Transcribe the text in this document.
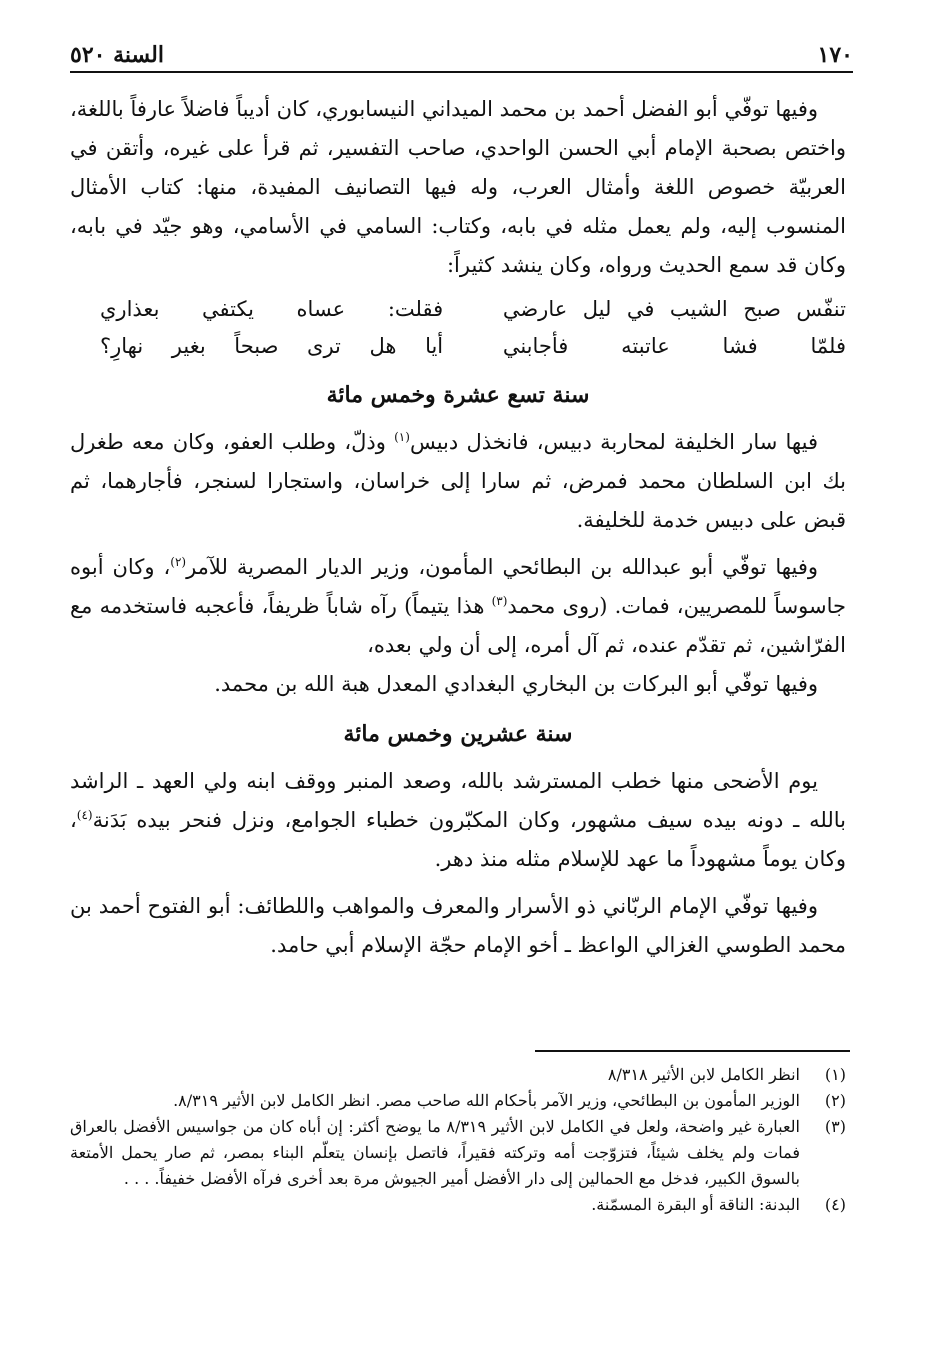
١٧٠
السنة ٥٢٠

وفيها توفّي أبو الفضل أحمد بن محمد الميداني النيسابوري، كان أديباً فاضلاً عارفاً باللغة، واختص بصحبة الإمام أبي الحسن الواحدي، صاحب التفسير، ثم قرأ على غيره، وأتقن في العربيّة خصوص اللغة وأمثال العرب، وله فيها التصانيف المفيدة، منها: كتاب الأمثال المنسوب إليه، ولم يعمل مثله في بابه، وكتاب: السامي في الأسامي، وهو جيّد في بابه، وكان قد سمع الحديث ورواه، وكان ينشد كثيراً:

تنفّس صبح الشيب في ليل عارضي
فقلت: عساه يكتفي بعذاري
فلمّا فشا عاتبته فأجابني
أيا هل ترى صبحاً بغير نهارِ؟
سنة تسع عشرة وخمس مائة

فيها سار الخليفة لمحاربة دبيس، فانخذل دبيس$^{(١)}$ وذلّ، وطلب العفو، وكان معه طغرل بك ابن السلطان محمد فمرض، ثم سارا إلى خراسان، واستجارا لسنجر، فأجارهما، ثم قبض على دبيس خدمة للخليفة.

وفيها توفّي أبو عبدالله بن البطائحي المأمون، وزير الديار المصرية للآمر$^{(٢)}$، وكان أبوه جاسوساً للمصريين، فمات. (روى محمد$^{(٣)}$ هذا يتيماً) رآه شاباً ظريفاً، فأعجبه فاستخدمه مع الفرّاشين، ثم تقدّم عنده، ثم آل أمره، إلى أن ولي بعده،

وفيها توفّي أبو البركات بن البخاري البغدادي المعدل هبة الله بن محمد.

سنة عشرين وخمس مائة

يوم الأضحى منها خطب المسترشد بالله، وصعد المنبر ووقف ابنه ولي العهد ـ الراشد بالله ـ دونه بيده سيف مشهور، وكان المكبّرون خطباء الجوامع، ونزل فنحر بيده بَدَنة$^{(٤)}$، وكان يوماً مشهوداً ما عهد للإسلام مثله منذ دهر.

وفيها توفّي الإمام الربّاني ذو الأسرار والمعرف والمواهب واللطائف: أبو الفتوح أحمد بن محمد الطوسي الغزالي الواعظ ـ أخو الإمام حجّة الإسلام أبي حامد.

(١)
انظر الكامل لابن الأثير ٨/٣١٨
(٢)
الوزير المأمون بن البطائحي، وزير الآمر بأحكام الله صاحب مصر. انظر الكامل لابن الأثير ٨/٣١٩.
(٣)
العبارة غير واضحة، ولعل في الكامل لابن الأثير ٨/٣١٩ ما يوضح أكثر: إن أباه كان من جواسيس الأفضل بالعراق فمات ولم يخلف شيئاً، فتزوّجت أمه وتركته فقيراً، فاتصل بإنسان يتعلّم البناء بمصر، ثم صار يحمل الأمتعة بالسوق الكبير، فدخل مع الحمالين إلى دار الأفضل أمير الجيوش مرة بعد أخرى فرآه الأفضل خفيفاً. . . .
(٤)
البدنة: الناقة أو البقرة المسمّنة.
